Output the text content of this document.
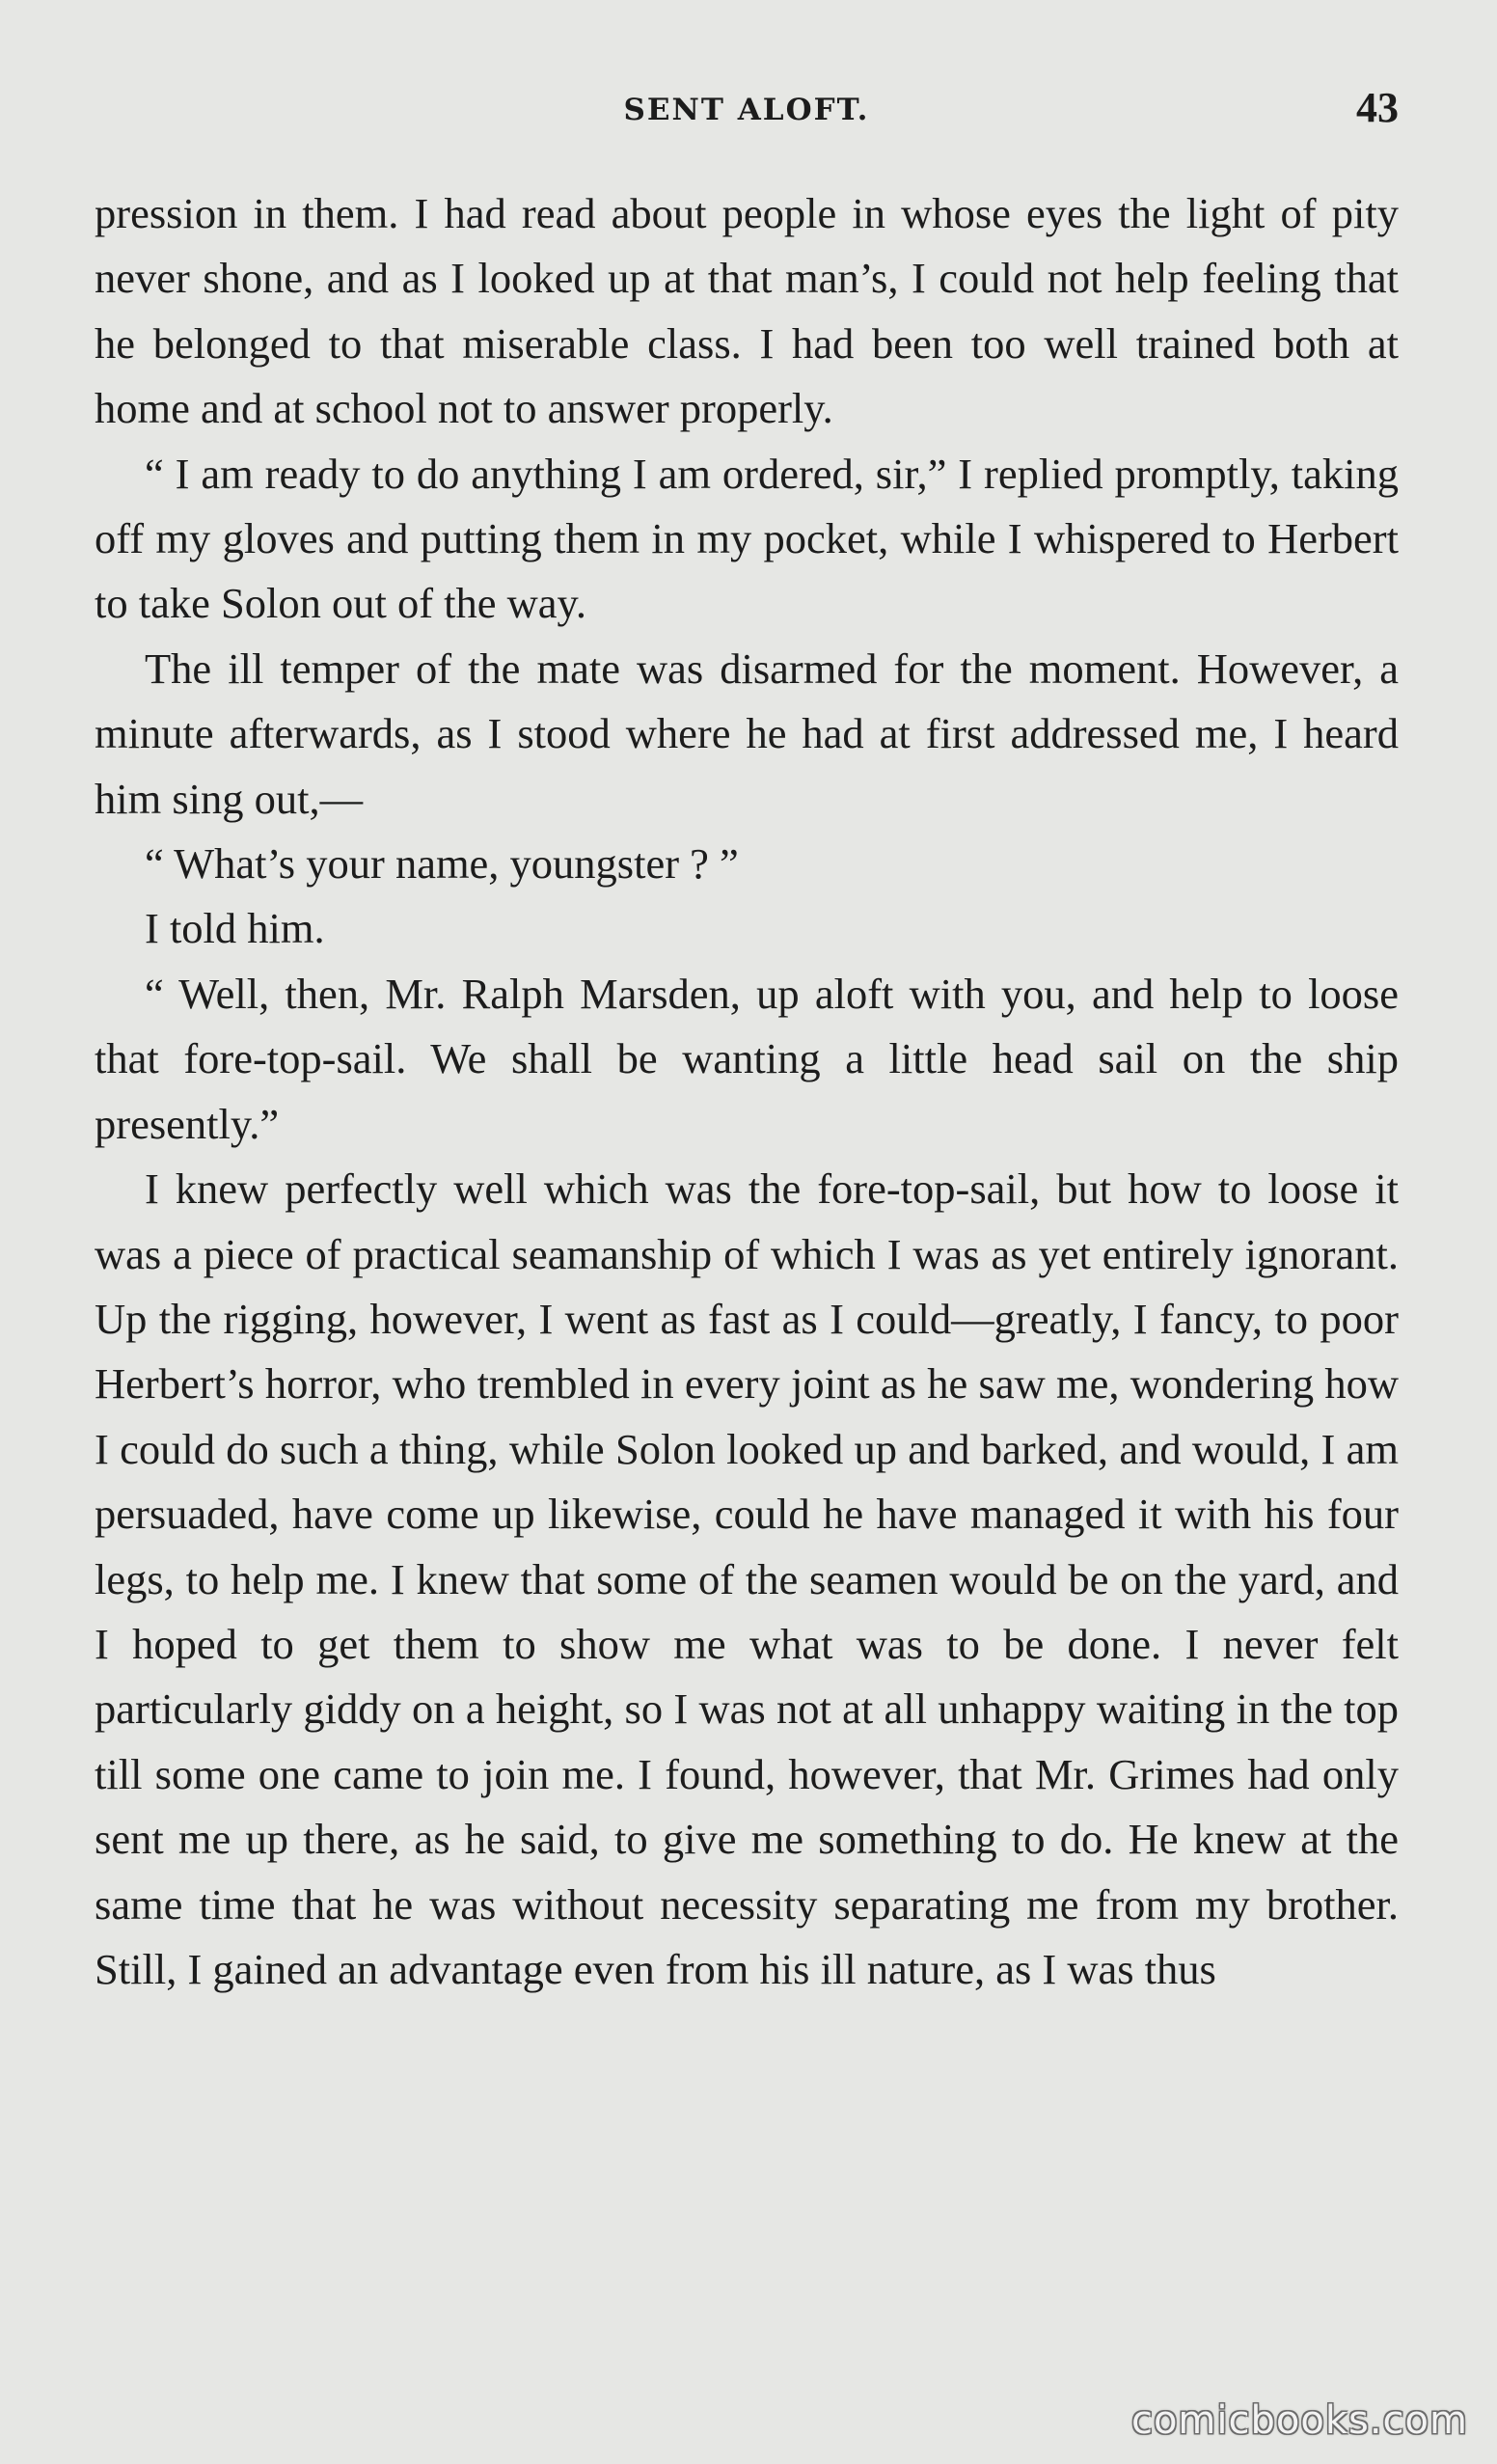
SENT ALOFT.	43

pression in them. I had read about people in whose eyes the light of pity never shone, and as I looked up at that man’s, I could not help feeling that he belonged to that miserable class. I had been too well trained both at home and at school not to answer properly.

“ I am ready to do anything I am ordered, sir,” I replied promptly, taking off my gloves and putting them in my pocket, while I whispered to Herbert to take Solon out of the way.

The ill temper of the mate was disarmed for the moment. However, a minute afterwards, as I stood where he had at first addressed me, I heard him sing out,—

“ What’s your name, youngster ? ”

I told him.

“ Well, then, Mr. Ralph Marsden, up aloft with you, and help to loose that fore-top-sail. We shall be wanting a little head sail on the ship presently.”

I knew perfectly well which was the fore-top-sail, but how to loose it was a piece of practical seamanship of which I was as yet entirely ignorant. Up the rigging, however, I went as fast as I could—greatly, I fancy, to poor Herbert’s horror, who trembled in every joint as he saw me, wondering how I could do such a thing, while Solon looked up and barked, and would, I am persuaded, have come up likewise, could he have managed it with his four legs, to help me. I knew that some of the seamen would be on the yard, and I hoped to get them to show me what was to be done. I never felt particularly giddy on a height, so I was not at all unhappy waiting in the top till some one came to join me. I found, however, that Mr. Grimes had only sent me up there, as he said, to give me something to do. He knew at the same time that he was without necessity separating me from my brother. Still, I gained an advantage even from his ill nature, as I was thus

comicbooks.com
